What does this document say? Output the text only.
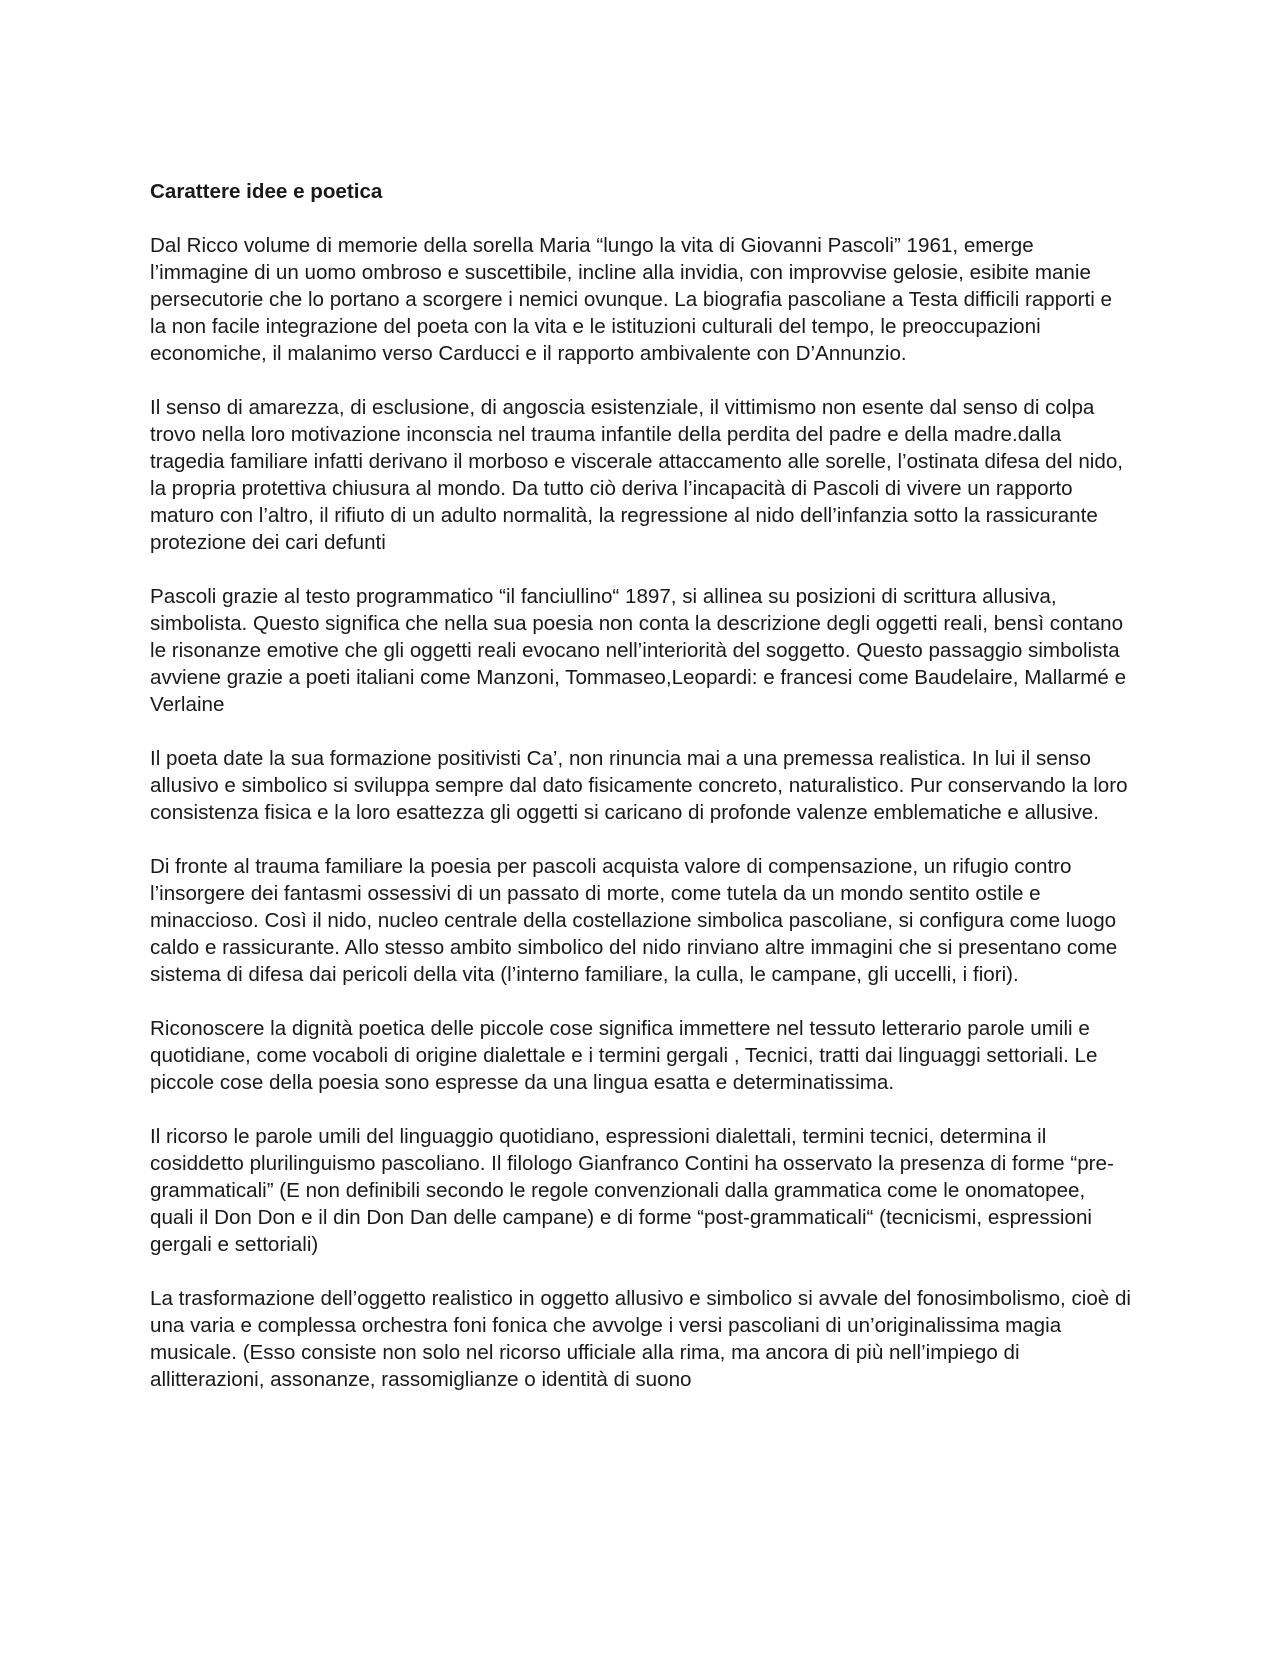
Carattere idee e poetica

Dal Ricco volume di memorie della sorella Maria “lungo la vita di Giovanni Pascoli” 1961, emerge l’immagine di un uomo ombroso e suscettibile, incline alla invidia, con improvvise gelosie, esibite manie persecutorie che lo portano a scorgere i nemici ovunque. La biografia pascoliane a Testa difficili rapporti e la non facile integrazione del poeta con la vita e le istituzioni culturali del tempo, le preoccupazioni economiche, il malanimo verso Carducci e il rapporto ambivalente con D’Annunzio.

Il senso di amarezza, di esclusione, di angoscia esistenziale, il vittimismo non esente dal senso di colpa trovo nella loro motivazione inconscia nel trauma infantile della perdita del padre e della madre.dalla tragedia familiare infatti derivano il morboso e viscerale attaccamento alle sorelle, l’ostinata difesa del nido, la propria protettiva chiusura al mondo. Da tutto ciò deriva l’incapacità di Pascoli di vivere un rapporto maturo con l’altro, il rifiuto di un adulto normalità, la regressione al nido dell’infanzia sotto la rassicurante protezione dei cari defunti

Pascoli grazie al testo programmatico “il fanciullino“ 1897, si allinea su posizioni di scrittura allusiva, simbolista. Questo significa che nella sua poesia non conta la descrizione degli oggetti reali, bensì contano le risonanze emotive che gli oggetti reali evocano nell’interiorità del soggetto. Questo passaggio simbolista avviene grazie a poeti italiani come Manzoni, Tommaseo,Leopardi: e francesi come Baudelaire, Mallarmé e Verlaine

Il poeta date la sua formazione positivisti Ca’, non rinuncia mai a una premessa realistica. In lui il senso allusivo e simbolico si sviluppa sempre dal dato fisicamente concreto, naturalistico. Pur conservando la loro consistenza fisica e la loro esattezza gli oggetti si caricano di profonde valenze emblematiche e allusive.

Di fronte al trauma familiare la poesia per pascoli acquista valore di compensazione, un rifugio contro l’insorgere dei fantasmi ossessivi di un passato di morte, come tutela da un mondo sentito ostile e minaccioso. Così il nido, nucleo centrale della costellazione simbolica pascoliane, si configura come luogo caldo e rassicurante. Allo stesso ambito simbolico del nido rinviano altre immagini che si presentano come sistema di difesa dai pericoli della vita (l’interno familiare, la culla, le campane, gli uccelli, i fiori).

Riconoscere la dignità poetica delle piccole cose significa immettere nel tessuto letterario parole umili e quotidiane, come vocaboli di origine dialettale e i termini gergali , Tecnici, tratti dai linguaggi settoriali. Le piccole cose della poesia sono espresse da una lingua esatta e determinatissima.

Il ricorso le parole umili del linguaggio quotidiano, espressioni dialettali, termini tecnici, determina il cosiddetto plurilinguismo pascoliano. Il filologo Gianfranco Contini ha osservato la presenza di forme “pre-grammaticali” (E non definibili secondo le regole convenzionali dalla grammatica come le onomatopee, quali il Don Don e il din Don Dan delle campane) e di forme “post-grammaticali“ (tecnicismi, espressioni gergali e settoriali)

La trasformazione dell’oggetto realistico in oggetto allusivo e simbolico si avvale del fonosimbolismo, cioè di una varia e complessa orchestra foni fonica che avvolge i versi pascoliani di un’originalissima magia musicale. (Esso consiste non solo nel ricorso ufficiale alla rima, ma ancora di più nell’impiego di allitterazioni, assonanze, rassomiglianze o identità di suono
